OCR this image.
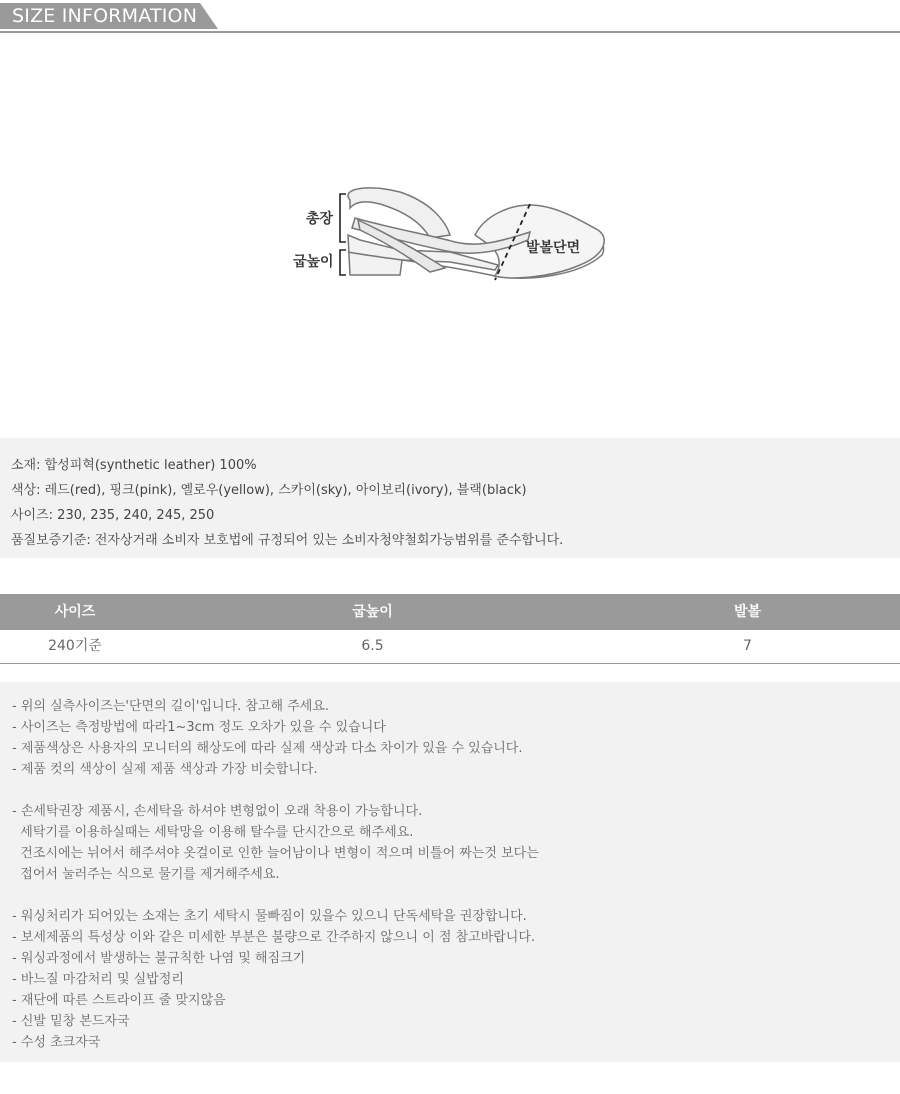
SIZE INFORMATION
총장
굽높이
발볼단면
소재: 합성피혁(synthetic leather) 100%
색상: 레드(red), 핑크(pink), 옐로우(yellow), 스카이(sky), 아이보리(ivory), 블랙(black)
사이즈: 230, 235, 240, 245, 250
품질보증기준: 전자상거래 소비자 보호법에 규정되어 있는 소비자청약철회가능범위를 준수합니다.
사이즈	굽높이	발볼
240기준	6.5	7
- 위의 실측사이즈는'단면의 길이'입니다. 참고해 주세요.
- 사이즈는 측정방법에 따라1~3cm 정도 오차가 있을 수 있습니다
- 제품색상은 사용자의 모니터의 해상도에 따라 실제 색상과 다소 차이가 있을 수 있습니다.
- 제품 컷의 색상이 실제 제품 색상과 가장 비슷합니다.
- 손세탁권장 제품시, 손세탁을 하셔야 변형없이 오래 착용이 가능합니다.
세탁기를 이용하실때는 세탁망을 이용해 탈수를 단시간으로 해주세요.
건조시에는 뉘어서 해주셔야 옷걸이로 인한 늘어남이나 변형이 적으며 비틀어 짜는것 보다는
접어서 눌러주는 식으로 물기를 제거해주세요.
- 워싱처리가 되어있는 소재는 초기 세탁시 물빠짐이 있을수 있으니 단독세탁을 권장합니다.
- 보세제품의 특성상 이와 같은 미세한 부분은 불량으로 간주하지 않으니 이 점 참고바랍니다.
- 워싱과정에서 발생하는 불규칙한 나염 및 해짐크기
- 바느질 마감처리 및 실밥정리
- 재단에 따른 스트라이프 줄 맞지않음
- 신발 밑창 본드자국
- 수성 초크자국
